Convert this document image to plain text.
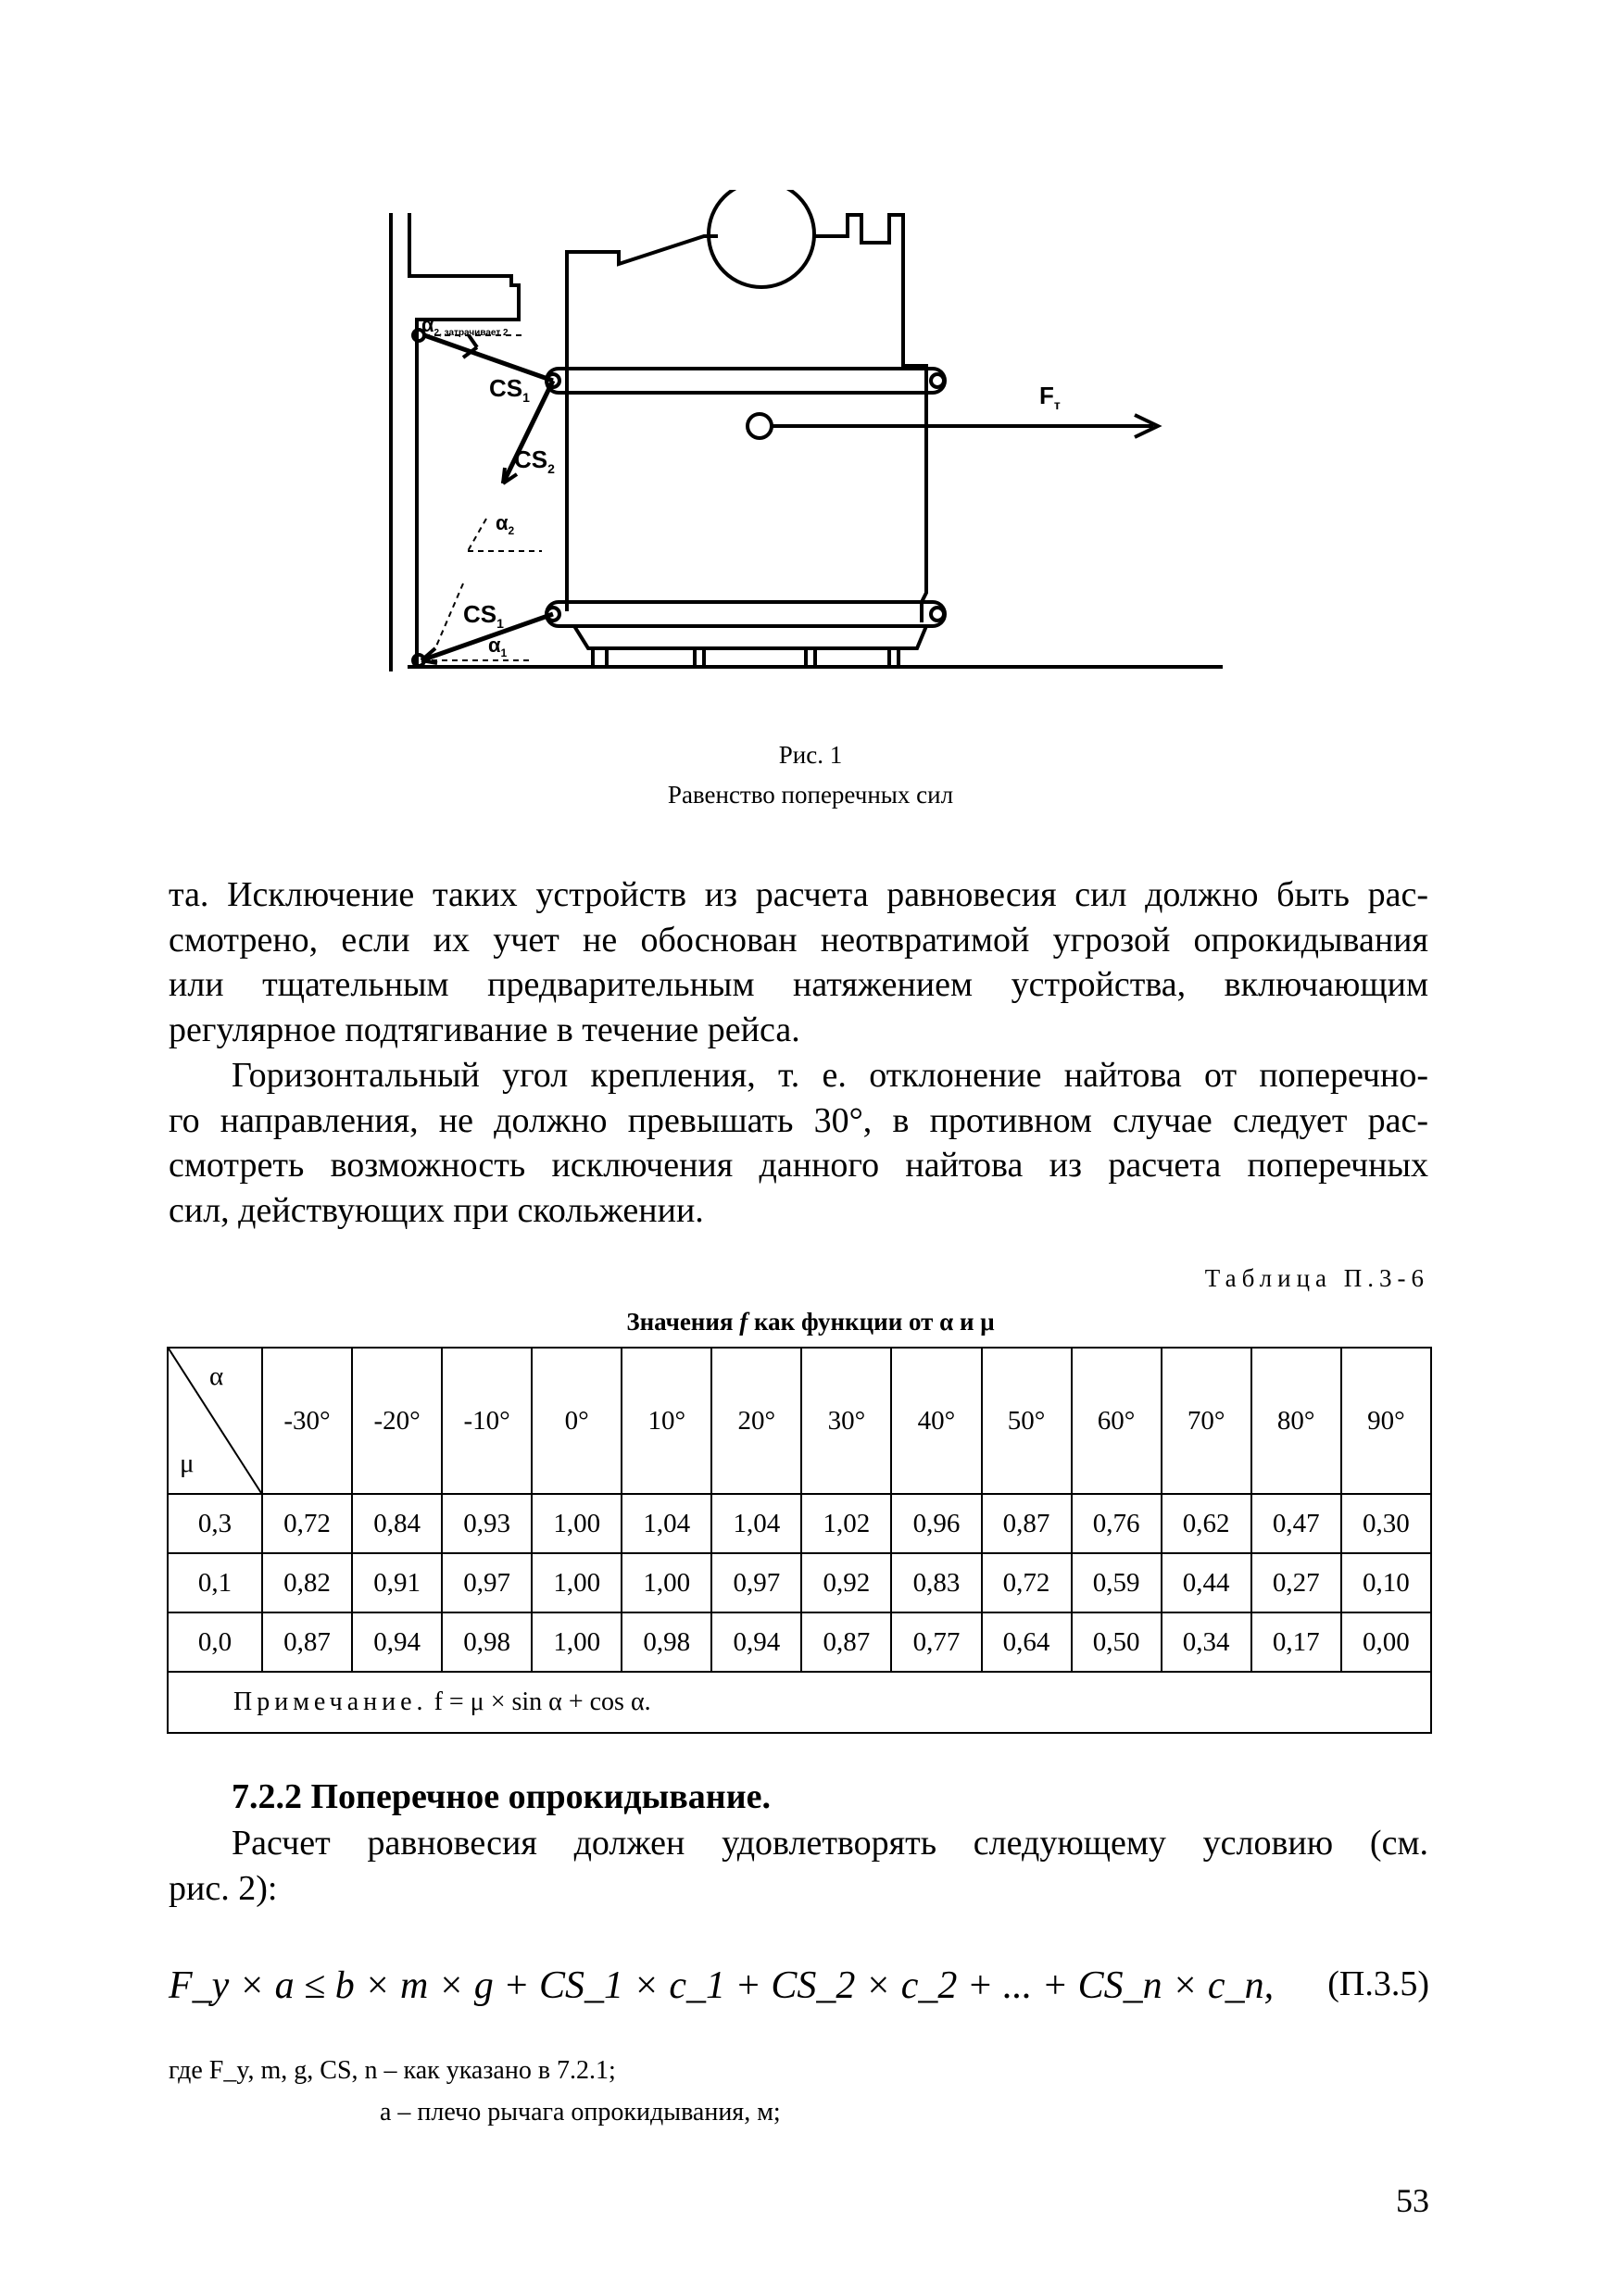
$F_т$
$CS_1$
$CS_2$
$CS_1$
α2, затрачивает 2
$\alpha_2$
$\alpha_1$
Рис. 1
Равенство поперечных сил
та. Исключение таких устройств из расчета равновесия сил должно быть рас-
смотрено, если их учет не обоснован неотвратимой угрозой опрокидывания
или тщательным предварительным натяжением устройства, включающим
регулярное подтягивание в течение рейса.
Горизонтальный угол крепления, т. е. отклонение найтова от поперечно-
го направления, не должно превышать 30°, в противном случае следует рас-
смотреть возможность исключения данного найтова из расчета поперечных
сил, действующих при скольжении.
Таблица П.3-6
Значения f как функции от α и μ
α
μ	-30°	-20°	-10°	0°	10°	20°	30°	40°	50°	60°	70°	80°	90°
0,3	0,72	0,84	0,93	1,00	1,04	1,04	1,02	0,96	0,87	0,76	0,62	0,47	0,30
0,1	0,82	0,91	0,97	1,00	1,00	0,97	0,92	0,83	0,72	0,59	0,44	0,27	0,10
0,0	0,87	0,94	0,98	1,00	0,98	0,94	0,87	0,77	0,64	0,50	0,34	0,17	0,00
Примечание. f = μ × sin α + cos α.													
7.2.2 Поперечное опрокидывание.
Расчет равновесия должен удовлетворять следующему условию (см.
рис. 2):
F_y × a ≤ b × m × g + CS_1 × c_1 + CS_2 × c_2 + ... + CS_n × c_n, (П.3.5)
где F_y, m, g, CS, n – как указано в 7.2.1;
a – плечо рычага опрокидывания, м;
53
